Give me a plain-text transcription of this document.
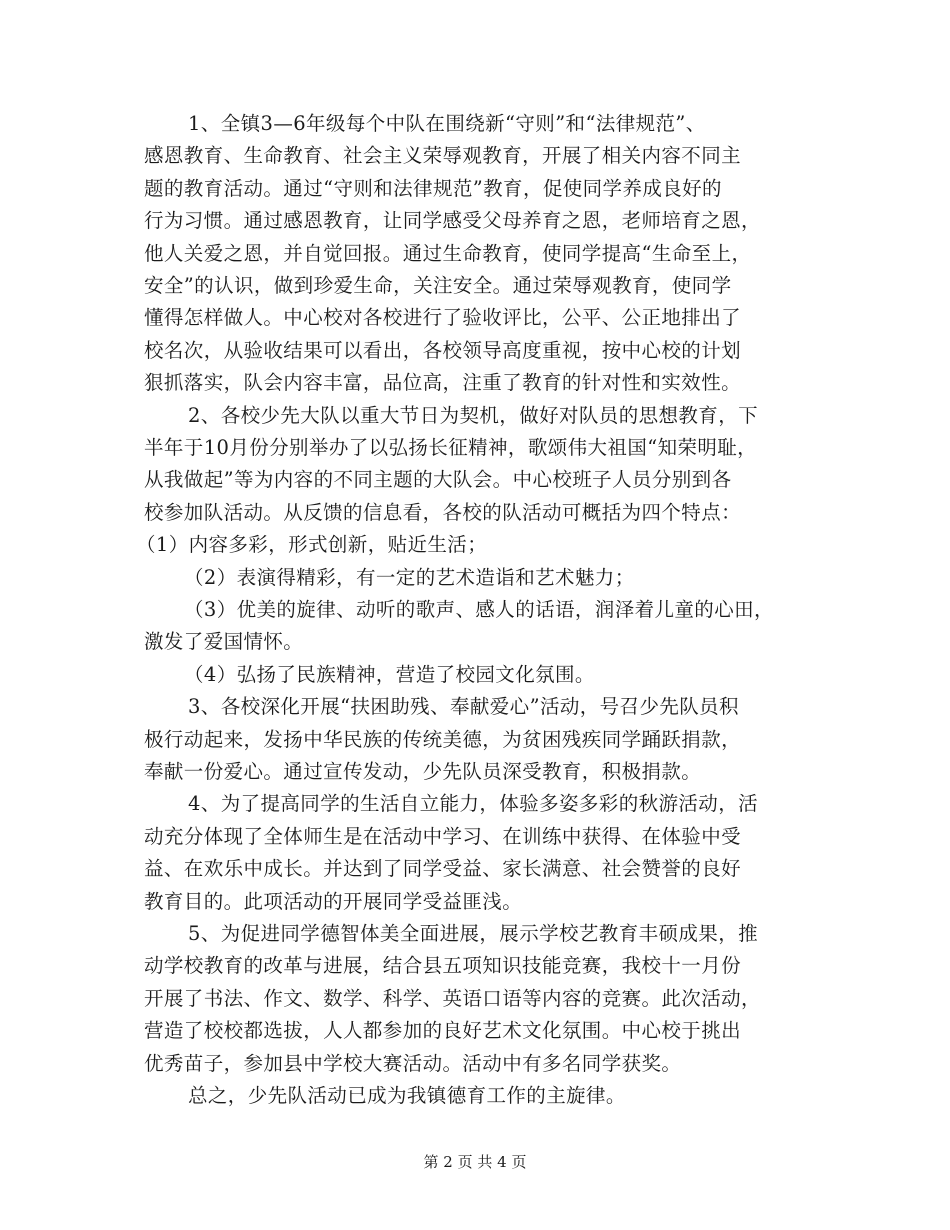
1、全镇3—6年级每个中队在围绕新“守则”和“法律规范”、

感恩教育、生命教育、社会主义荣辱观教育，开展了相关内容不同主

题的教育活动。通过“守则和法律规范”教育，促使同学养成良好的

行为习惯。通过感恩教育，让同学感受父母养育之恩，老师培育之恩，

他人关爱之恩，并自觉回报。通过生命教育，使同学提高“生命至上，

安全”的认识，做到珍爱生命，关注安全。通过荣辱观教育，使同学

懂得怎样做人。中心校对各校进行了验收评比，公平、公正地排出了

校名次，从验收结果可以看出，各校领导高度重视，按中心校的计划

狠抓落实，队会内容丰富，品位高，注重了教育的针对性和实效性。

2、各校少先大队以重大节日为契机，做好对队员的思想教育，下

半年于10月份分别举办了以弘扬长征精神，歌颂伟大祖国“知荣明耻，

从我做起”等为内容的不同主题的大队会。中心校班子人员分别到各

校参加队活动。从反馈的信息看，各校的队活动可概括为四个特点：

（1）内容多彩，形式创新，贴近生活；

（2）表演得精彩，有一定的艺术造诣和艺术魅力；

（3）优美的旋律、动听的歌声、感人的话语，润泽着儿童的心田，

激发了爱国情怀。

（4）弘扬了民族精神，营造了校园文化氛围。

3、各校深化开展“扶困助残、奉献爱心”活动，号召少先队员积

极行动起来，发扬中华民族的传统美德，为贫困残疾同学踊跃捐款，

奉献一份爱心。通过宣传发动，少先队员深受教育，积极捐款。

4、为了提高同学的生活自立能力，体验多姿多彩的秋游活动，活

动充分体现了全体师生是在活动中学习、在训练中获得、在体验中受

益、在欢乐中成长。并达到了同学受益、家长满意、社会赞誉的良好

教育目的。此项活动的开展同学受益匪浅。

5、为促进同学德智体美全面进展，展示学校艺教育丰硕成果，推

动学校教育的改革与进展，结合县五项知识技能竞赛，我校十一月份

开展了书法、作文、数学、科学、英语口语等内容的竞赛。此次活动，

营造了校校都选拔，人人都参加的良好艺术文化氛围。中心校于挑出

优秀苗子，参加县中学校大赛活动。活动中有多名同学获奖。

总之，少先队活动已成为我镇德育工作的主旋律。

第 2 页 共 4 页
